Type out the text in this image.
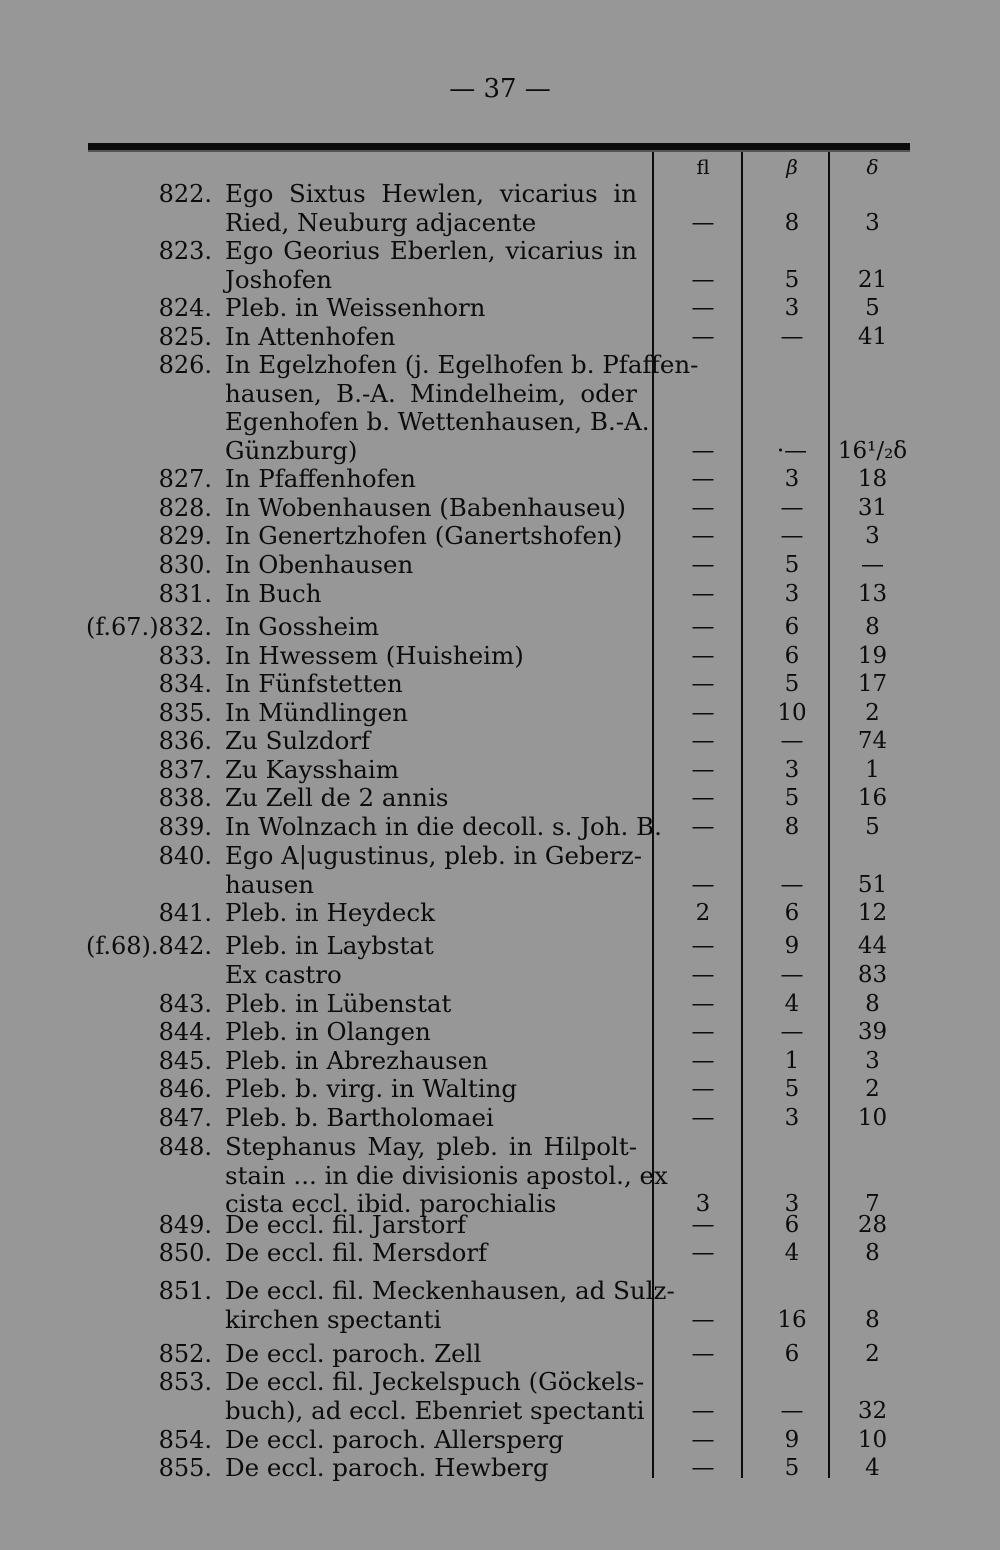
— 37 —
ﬂ	β	δ
822. Ego Sixtus Hewlen, vicarius in
Ried, Neuburg adjacente	—	8	3
823. Ego Georius Eberlen, vicarius in
Joshofen	—	5	21
824. Pleb. in Weissenhorn	—	3	5
825. In Attenhofen	—	—	41
826. In Egelzhofen (j. Egelhofen b. Pfaffen-
hausen, B.-A. Mindelheim, oder
Egenhofen b. Wettenhausen, B.-A.
Günzburg)	—	·—	16¹/₂δ
827. In Pfaffenhofen	—	3	18
828. In Wobenhausen (Babenhauseu)	—	—	31
829. In Genertzhofen (Ganertshofen)	—	—	3
830. In Obenhausen	—	5	—
831. In Buch	—	3	13
(f.67.)832. In Gossheim	—	6	8
833. In Hwessem (Huisheim)	—	6	19
834. In Fünfstetten	—	5	17
835. In Mündlingen	—	10	2
836. Zu Sulzdorf	—	—	74
837. Zu Kaysshaim	—	3	1
838. Zu Zell de 2 annis	—	5	16
839. In Wolnzach in die decoll. s. Joh. B.	—	8	5
840. Ego A|ugustinus, pleb. in Geberz-
hausen	—	—	51
841. Pleb. in Heydeck	2	6	12
(f.68).842. Pleb. in Laybstat	—	9	44
Ex castro	—	—	83
843. Pleb. in Lübenstat	—	4	8
844. Pleb. in Olangen	—	—	39
845. Pleb. in Abrezhausen	—	1	3
846. Pleb. b. virg. in Walting	—	5	2
847. Pleb. b. Bartholomaei	—	3	10
848. Stephanus May, pleb. in Hilpolt-
stain ... in die divisionis apostol., ex
cista eccl. ibid. parochialis	3	3	7
849. De eccl. fil. Jarstorf	—	6	28
850. De eccl. fil. Mersdorf	—	4	8
851. De eccl. fil. Meckenhausen, ad Sulz-
kirchen spectanti	—	16	8
852. De eccl. paroch. Zell	—	6	2
853. De eccl. fil. Jeckelspuch (Göckels-
buch), ad eccl. Ebenriet spectanti	—	—	32
854. De eccl. paroch. Allersperg	—	9	10
855. De eccl. paroch. Hewberg	—	5	4
